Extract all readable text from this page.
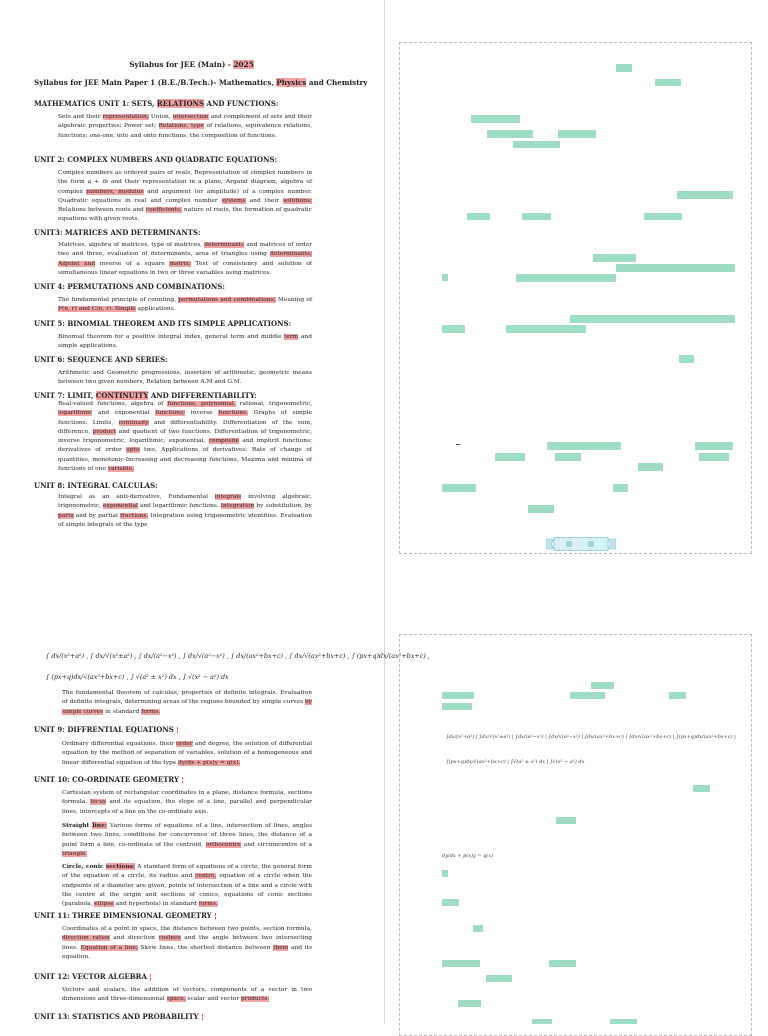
Syllabus for JEE (Main) - 2025
Syllabus for JEE Main Paper 1 (B.E./B.Tech.)- Mathematics, Physics and Chemistry
MATHEMATICS UNIT 1: SETS, RELATIONS AND FUNCTIONS:
Sets and their representation; Union, intersection and complement of sets and their algebraic properties; Power set; Relations, type of relations, equivalence relations, functions: one-one, into and onto functions, the composition of functions.
UNIT 2: COMPLEX NUMBERS AND QUADRATIC EQUATIONS:
Complex numbers as ordered pairs of reals, Representation of complex numbers in the form a + ib and their representation in a plane, Argand diagram, algebra of complex numbers, modulus and argument (or amplitude) of a complex number, Quadratic equations in real and complex number systems and their solutions; Relations between roots and coefficients, nature of roots, the formation of quadratic equations with given roots.
UNIT3: MATRICES AND DETERMINANTS:
Matrices, algebra of matrices, type of matrices, determinants and matrices of order two and three, evaluation of determinants, area of triangles using determinants; Adjoint and inverse of a square matrix; Test of consistency and solution of simultaneous linear equations in two or three variables using matrices.
UNIT 4: PERMUTATIONS AND COMBINATIONS:
The fundamental principle of counting, permutations and combinations; Meaning of P(n, r) and C(n, r). Simple applications.
UNIT 5: BINOMIAL THEOREM AND ITS SIMPLE APPLICATIONS:
Binomial theorem for a positive integral index, general term and middle term and simple applications.
UNIT 6: SEQUENCE AND SERIES:
Arithmetic and Geometric progressions, insertion of arithmetic, geometric means between two given numbers, Relation between A.M and G.M.
UNIT 7: LIMIT, CONTINUITY AND DIFFERENTIABILITY:
Real-valued functions, algebra of functions, polynomial, rational, trigonometric, logarithmic and exponential functions; inverse functions. Graphs of simple functions. Limits, continuity and differentiability. Differentiation of the sum, difference, product and quotient of two functions. Differentiation of trigonometric, inverse trigonometric, logarithmic, exponential, composite and implicit functions; derivatives of order upto two, Applications of derivatives: Rate of change of quantities, monotonic-Increasing and decreasing functions, Maxima and minima of functions of one variable,
UNIT 8: INTEGRAL CALCULAS:
Integral as an anti-derivative, Fundamental integrals involving algebraic, trigonometric, exponential and logarithmic functions. Integration by substitution, by parts and by partial fractions. Integration using trigonometric identities. Evaluation of simple integrals of the type
∫ dx/(x²+a²) , ∫ dx/√(x²±a²) , ∫ dx/(a²−x²) , ∫ dx/√(a²−x²) , ∫ dx/(ax²+bx+c) , ∫ dx/√(ax²+bx+c) , ∫ (px+q)dx/(ax²+bx+c) ,
∫ (px+q)dx/√(ax²+bx+c) , ∫ √(a² ± x²) dx , ∫ √(x² − a²) dx
The fundamental theorem of calculus, properties of definite integrals. Evaluation of definite integrals, determining areas of the regions bounded by simple curves by simple curves in standard forms.
UNIT 9: DIFFRENTIAL EQUATIONS ¦
Ordinary differential equations, their order and degree, the solution of differential equation by the method of separation of variables, solution of a homogeneous and linear differential equation of the type dy/dx + p(x)y = q(x).
UNIT 10: CO-ORDINATE GEOMETRY ¦
Cartesian system of rectangular coordinates in a plane, distance formula, sections formula, locus and its equation, the slope of a line, parallel and perpendicular lines, intercepts of a line on the co-ordinate axis.
Straight line: Various forms of equations of a line, intersection of lines, angles between two lines, conditions for concurrence of three lines, the distance of a point form a line, co-ordinate of the centroid, orthocentre and circumcentre of a triangle.
Circle, conic sections: A standard form of equations of a circle, the general form of the equation of a circle, its radius and centre, equation of a circle when the endpoints of a diameter are given, points of intersection of a line and a circle with the centre at the origin and sections of conics, equations of conic sections (parabola, ellipse and hyperbola) in standard forms.
UNIT 11: THREE DIMENSIONAL GEOMETRY ¦
Coordinates of a point in space, the distance between two points, section formula, direction ratios and direction cosines and the angle between two intersecting lines. Equation of a line; Skew lines, the shortest distance between them and its equation.
UNIT 12: VECTOR ALGEBRA ¦
Vectors and scalars, the addition of vectors, components of a vector in two dimensions and three-dimensional space, scalar and vector products.
UNIT 13: STATISTICS AND PROBABILITY ¦
∫dx/(x²+a²) | ∫dx/√(x²±a²) | ∫dx/(a²−x²) | ∫dx/√(a²−x²) | ∫dx/(ax²+bx+c) | ∫dx/√(ax²+bx+c) | ∫(px+q)dx/(ax²+bx+c) |
∫(px+q)dx/√(ax²+bx+c) | ∫√(a² ± x²) dx | ∫√(x² − a²) dx
dy/dx + p(x)y = q(x)
